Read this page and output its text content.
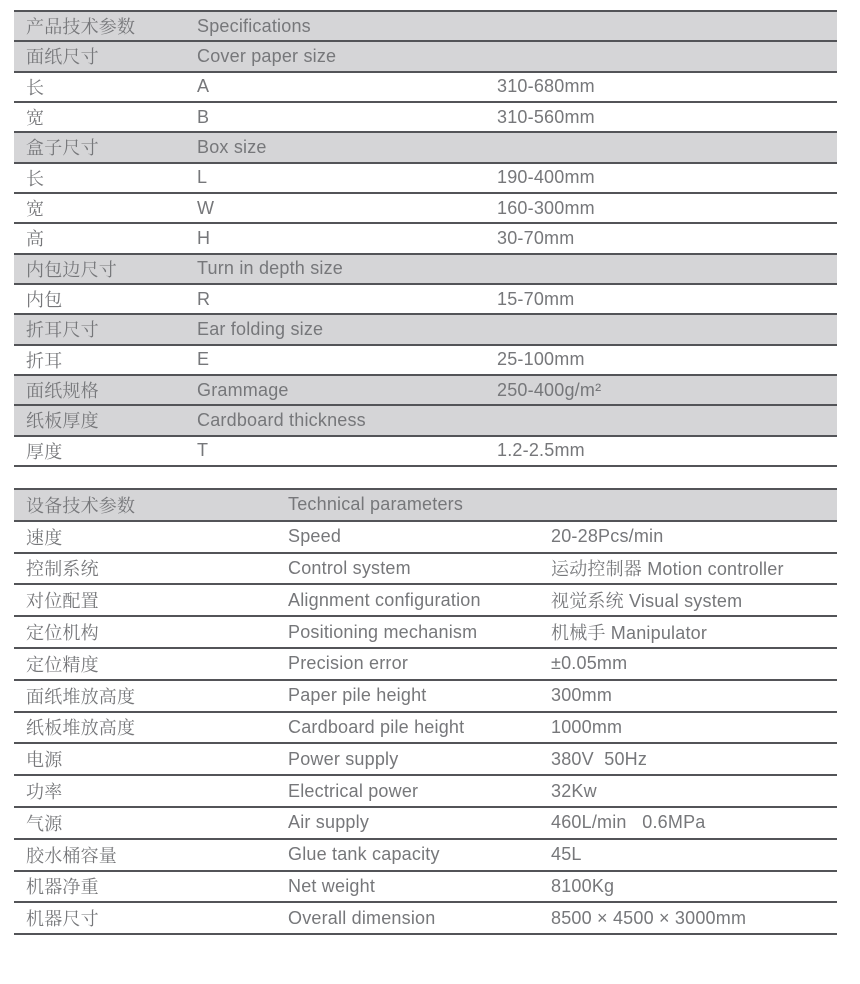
产品技术参数	Specifications
面纸尺寸	Cover paper size
长	A	310-680mm
宽	B	310-560mm
盒子尺寸	Box size
长	L	190-400mm
宽	W	160-300mm
高	H	30-70mm
内包边尺寸	Turn in depth size
内包	R	15-70mm
折耳尺寸	Ear folding size
折耳	E	25-100mm
面纸规格	Grammage	250-400g/m²
纸板厚度	Cardboard thickness
厚度	T	1.2-2.5mm
设备技术参数	Technical parameters
速度	Speed	20-28Pcs/min
控制系统	Control system	运动控制器 Motion controller
对位配置	Alignment configuration	视觉系统 Visual system
定位机构	Positioning mechanism	机械手 Manipulator
定位精度	Precision error	±0.05mm
面纸堆放高度	Paper pile height	300mm
纸板堆放高度	Cardboard pile height	1000mm
电源	Power supply	380V  50Hz
功率	Electrical power	32Kw
气源	Air supply	460L/min   0.6MPa
胶水桶容量	Glue tank capacity	45L
机器净重	Net weight	8100Kg
机器尺寸	Overall dimension	8500 × 4500 × 3000mm
